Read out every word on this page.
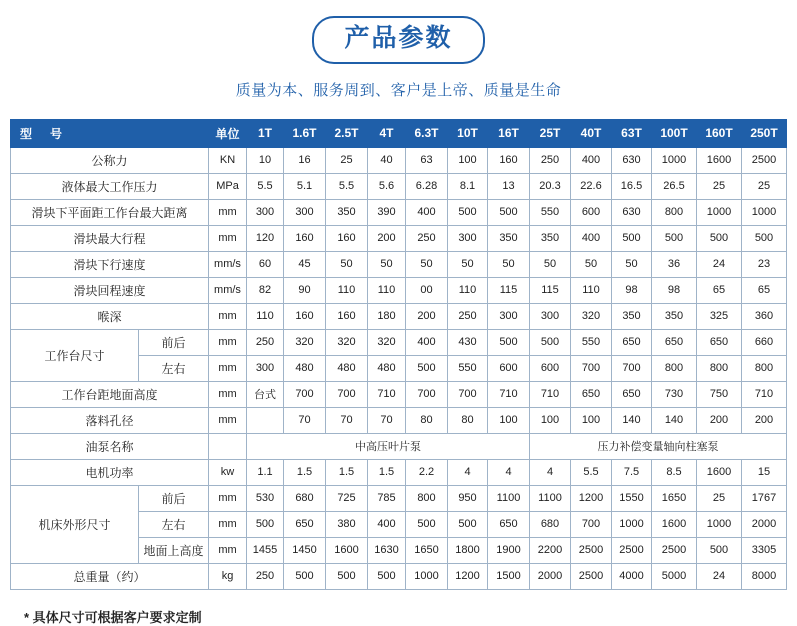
产品参数
质量为本、服务周到、客户是上帝、质量是生命
型　号		单位	1T	1.6T	2.5T	4T	6.3T	10T	16T	25T	40T	63T	100T	160T	250T
公称力		KN	10	16	25	40	63	100	160	250	400	630	1000	1600	2500
液体最大工作压力		MPa	5.5	5.1	5.5	5.6	6.28	8.1	13	20.3	22.6	16.5	26.5	25	25
滑块下平面距工作台最大距离		mm	300	300	350	390	400	500	500	550	600	630	800	1000	1000
滑块最大行程		mm	120	160	160	200	250	300	350	350	400	500	500	500	500
滑块下行速度		mm/s	60	45	50	50	50	50	50	50	50	50	36	24	23
滑块回程速度		mm/s	82	90	110	110	00	110	115	115	110	98	98	65	65
喉深		mm	110	160	160	180	200	250	300	300	320	350	350	325	360
工作台尺寸	前后	mm	250	320	320	320	400	430	500	500	550	650	650	650	660
	左右	mm	300	480	480	480	500	550	600	600	700	700	800	800	800
工作台距地面高度		mm	台式	700	700	710	700	700	710	710	650	650	730	750	710
落料孔径		mm		70	70	70	80	80	100	100	100	140	140	200	200
油泵名称			中高压叶片泵							压力补偿变量轴向柱塞泵					
电机功率		kw	1.1	1.5	1.5	1.5	2.2	4	4	4	5.5	7.5	8.5	1600	15
机床外形尺寸	前后	mm	530	680	725	785	800	950	1100	1100	1200	1550	1650	25	1767
	左右	mm	500	650	380	400	500	500	650	680	700	1000	1600	1000	2000
	地面上高度	mm	1455	1450	1600	1630	1650	1800	1900	2200	2500	2500	2500	500	3305
总重量（约）		kg	250	500	500	500	1000	1200	1500	2000	2500	4000	5000	24	8000
* 具体尺寸可根据客户要求定制
